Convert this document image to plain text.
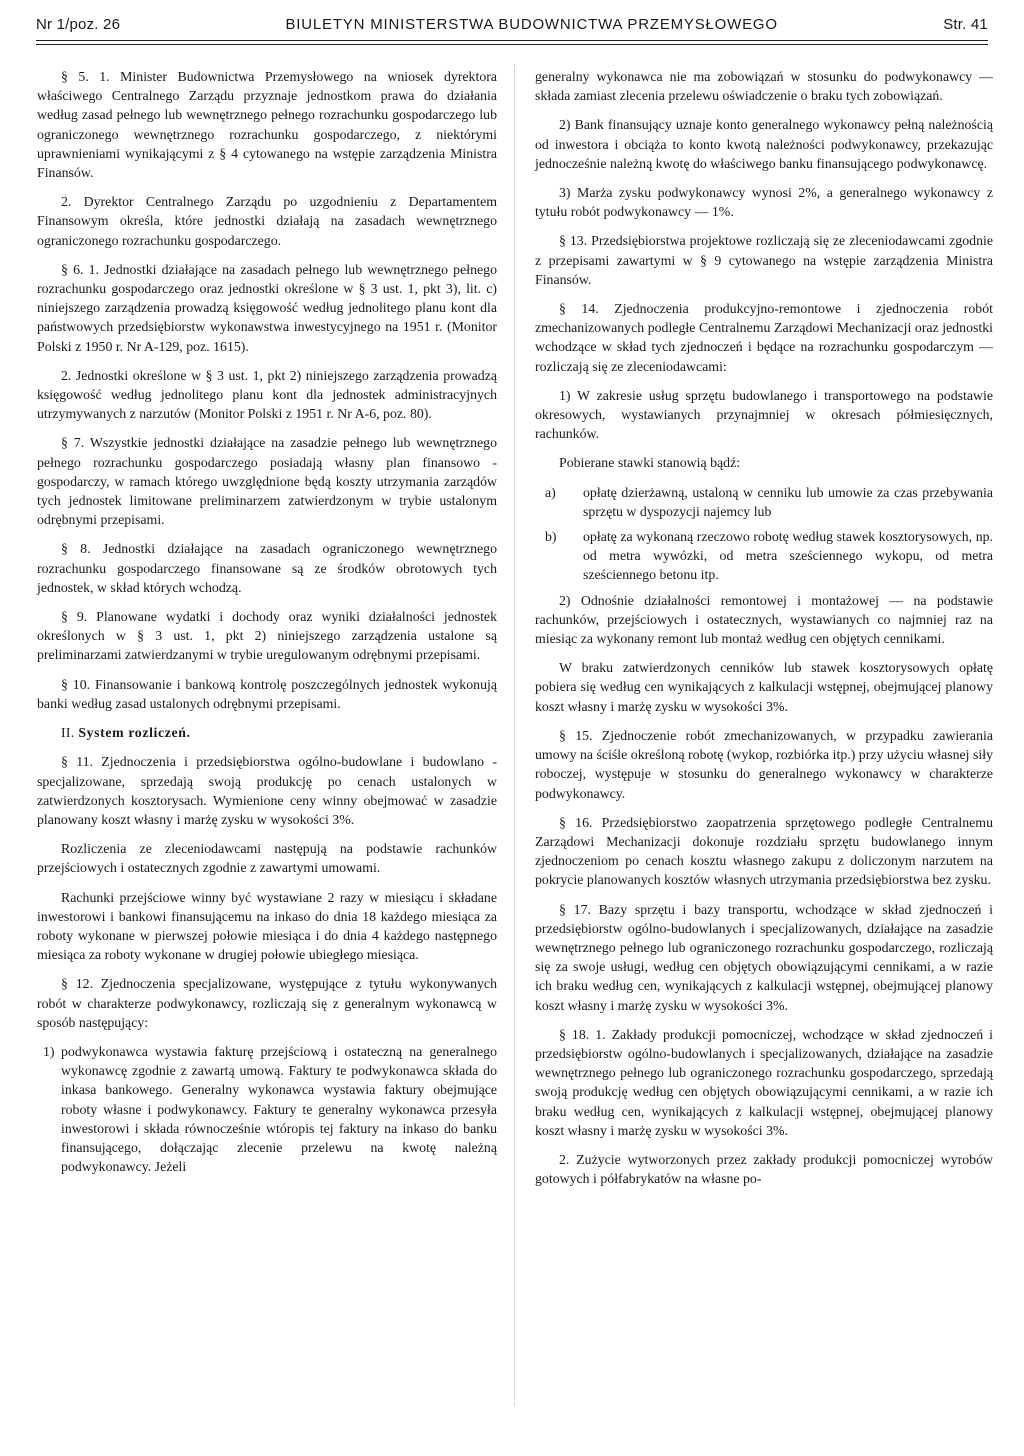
Nr 1/poz. 26	BIULETYN MINISTERSTWA BUDOWNICTWA PRZEMYSŁOWEGO	Str. 41

§ 5. 1. Minister Budownictwa Przemysłowego na wniosek dyrektora właściwego Centralnego Zarządu przyznaje jednostkom prawa do działania według zasad pełnego lub wewnętrznego pełnego rozrachunku gospodarczego lub ograniczonego wewnętrznego rozrachunku gospodarczego, z niektórymi uprawnieniami wynikającymi z § 4 cytowanego na wstępie zarządzenia Ministra Finansów.

2. Dyrektor Centralnego Zarządu po uzgodnieniu z Departamentem Finansowym określa, które jednostki działają na zasadach wewnętrznego ograniczonego rozrachunku gospodarczego.

§ 6. 1. Jednostki działające na zasadach pełnego lub wewnętrznego pełnego rozrachunku gospodarczego oraz jednostki określone w § 3 ust. 1, pkt 3), lit. c) niniejszego zarządzenia prowadzą księgowość według jednolitego planu kont dla państwowych przedsiębiorstw wykonawstwa inwestycyjnego na 1951 r. (Monitor Polski z 1950 r. Nr A-129, poz. 1615).

2. Jednostki określone w § 3 ust. 1, pkt 2) niniejszego zarządzenia prowadzą księgowość według jednolitego planu kont dla jednostek administracyjnych utrzymywanych z narzutów (Monitor Polski z 1951 r. Nr A-6, poz. 80).

§ 7. Wszystkie jednostki działające na zasadzie pełnego lub wewnętrznego pełnego rozrachunku gospodarczego posiadają własny plan finansowo - gospodarczy, w ramach którego uwzględnione będą koszty utrzymania zarządów tych jednostek limitowane preliminarzem zatwierdzonym w trybie ustalonym odrębnymi przepisami.

§ 8. Jednostki działające na zasadach ograniczonego wewnętrznego rozrachunku gospodarczego finansowane są ze środków obrotowych tych jednostek, w skład których wchodzą.

§ 9. Planowane wydatki i dochody oraz wyniki działalności jednostek określonych w § 3 ust. 1, pkt 2) niniejszego zarządzenia ustalone są preliminarzami zatwierdzanymi w trybie uregulowanym odrębnymi przepisami.

§ 10. Finansowanie i bankową kontrolę poszczególnych jednostek wykonują banki według zasad ustalonych odrębnymi przepisami.

II. System rozliczeń.

§ 11. Zjednoczenia i przedsiębiorstwa ogólno-budowlane i budowlano - specjalizowane, sprzedają swoją produkcję po cenach ustalonych w zatwierdzonych kosztorysach. Wymienione ceny winny obejmować w zasadzie planowany koszt własny i marżę zysku w wysokości 3%.

Rozliczenia ze zleceniodawcami następują na podstawie rachunków przejściowych i ostatecznych zgodnie z zawartymi umowami.

Rachunki przejściowe winny być wystawiane 2 razy w miesiącu i składane inwestorowi i bankowi finansującemu na inkaso do dnia 18 każdego miesiąca za roboty wykonane w pierwszej połowie miesiąca i do dnia 4 każdego następnego miesiąca za roboty wykonane w drugiej połowie ubiegłego miesiąca.

§ 12. Zjednoczenia specjalizowane, występujące z tytułu wykonywanych robót w charakterze podwykonawcy, rozliczają się z generalnym wykonawcą w sposób następujący:

1) podwykonawca wystawia fakturę przejściową i ostateczną na generalnego wykonawcę zgodnie z zawartą umową. Faktury te podwykonawca składa do inkasa bankowego. Generalny wykonawca wystawia faktury obejmujące roboty własne i podwykonawcy. Faktury te generalny wykonawca przesyła inwestorowi i składa równocześnie wtóropis tej faktury na inkaso do banku finansującego, dołączając zlecenie przelewu na kwotę należną podwykonawcy. Jeżeli

generalny wykonawca nie ma zobowiązań w stosunku do podwykonawcy — składa zamiast zlecenia przelewu oświadczenie o braku tych zobowiązań.

2) Bank finansujący uznaje konto generalnego wykonawcy pełną należnością od inwestora i obciąża to konto kwotą należności podwykonawcy, przekazując jednocześnie należną kwotę do właściwego banku finansującego podwykonawcę.

3) Marża zysku podwykonawcy wynosi 2%, a generalnego wykonawcy z tytułu robót podwykonawcy — 1%.

§ 13. Przedsiębiorstwa projektowe rozliczają się ze zleceniodawcami zgodnie z przepisami zawartymi w § 9 cytowanego na wstępie zarządzenia Ministra Finansów.

§ 14. Zjednoczenia produkcyjno-remontowe i zjednoczenia robót zmechanizowanych podległe Centralnemu Zarządowi Mechanizacji oraz jednostki wchodzące w skład tych zjednoczeń i będące na rozrachunku gospodarczym — rozliczają się ze zleceniodawcami:

1) W zakresie usług sprzętu budowlanego i transportowego na podstawie okresowych, wystawianych przynajmniej w okresach półmiesięcznych, rachunków.

Pobierane stawki stanowią bądź:

a) opłatę dzierżawną, ustaloną w cenniku lub umowie za czas przebywania sprzętu w dyspozycji najemcy lub

b) opłatę za wykonaną rzeczowo robotę według stawek kosztorysowych, np. od metra wywózki, od metra sześciennego wykopu, od metra sześciennego betonu itp.

2) Odnośnie działalności remontowej i montażowej — na podstawie rachunków, przejściowych i ostatecznych, wystawianych co najmniej raz na miesiąc za wykonany remont lub montaż według cen objętych cennikami.

W braku zatwierdzonych cenników lub stawek kosztorysowych opłatę pobiera się według cen wynikających z kalkulacji wstępnej, obejmującej planowy koszt własny i marżę zysku w wysokości 3%.

§ 15. Zjednoczenie robót zmechanizowanych, w przypadku zawierania umowy na ściśle określoną robotę (wykop, rozbiórka itp.) przy użyciu własnej siły roboczej, występuje w stosunku do generalnego wykonawcy w charakterze podwykonawcy.

§ 16. Przedsiębiorstwo zaopatrzenia sprzętowego podległe Centralnemu Zarządowi Mechanizacji dokonuje rozdziału sprzętu budowlanego innym zjednoczeniom po cenach kosztu własnego zakupu z doliczonym narzutem na pokrycie planowanych kosztów własnych utrzymania przedsiębiorstwa bez zysku.

§ 17. Bazy sprzętu i bazy transportu, wchodzące w skład zjednoczeń i przedsiębiorstw ogólno-budowlanych i specjalizowanych, działające na zasadzie wewnętrznego pełnego lub ograniczonego rozrachunku gospodarczego, rozliczają się za swoje usługi, według cen objętych obowiązującymi cennikami, a w razie ich braku według cen, wynikających z kalkulacji wstępnej, obejmującej planowy koszt własny i marżę zysku w wysokości 3%.

§ 18. 1. Zakłady produkcji pomocniczej, wchodzące w skład zjednoczeń i przedsiębiorstw ogólno-budowlanych i specjalizowanych, działające na zasadzie wewnętrznego pełnego lub ograniczonego rozrachunku gospodarczego, sprzedają swoją produkcję według cen objętych obowiązującymi cennikami, a w razie ich braku według cen, wynikających z kalkulacji wstępnej, obejmującej planowy koszt własny i marżę zysku w wysokości 3%.

2. Zużycie wytworzonych przez zakłady produkcji pomocniczej wyrobów gotowych i półfabrykatów na własne po-
